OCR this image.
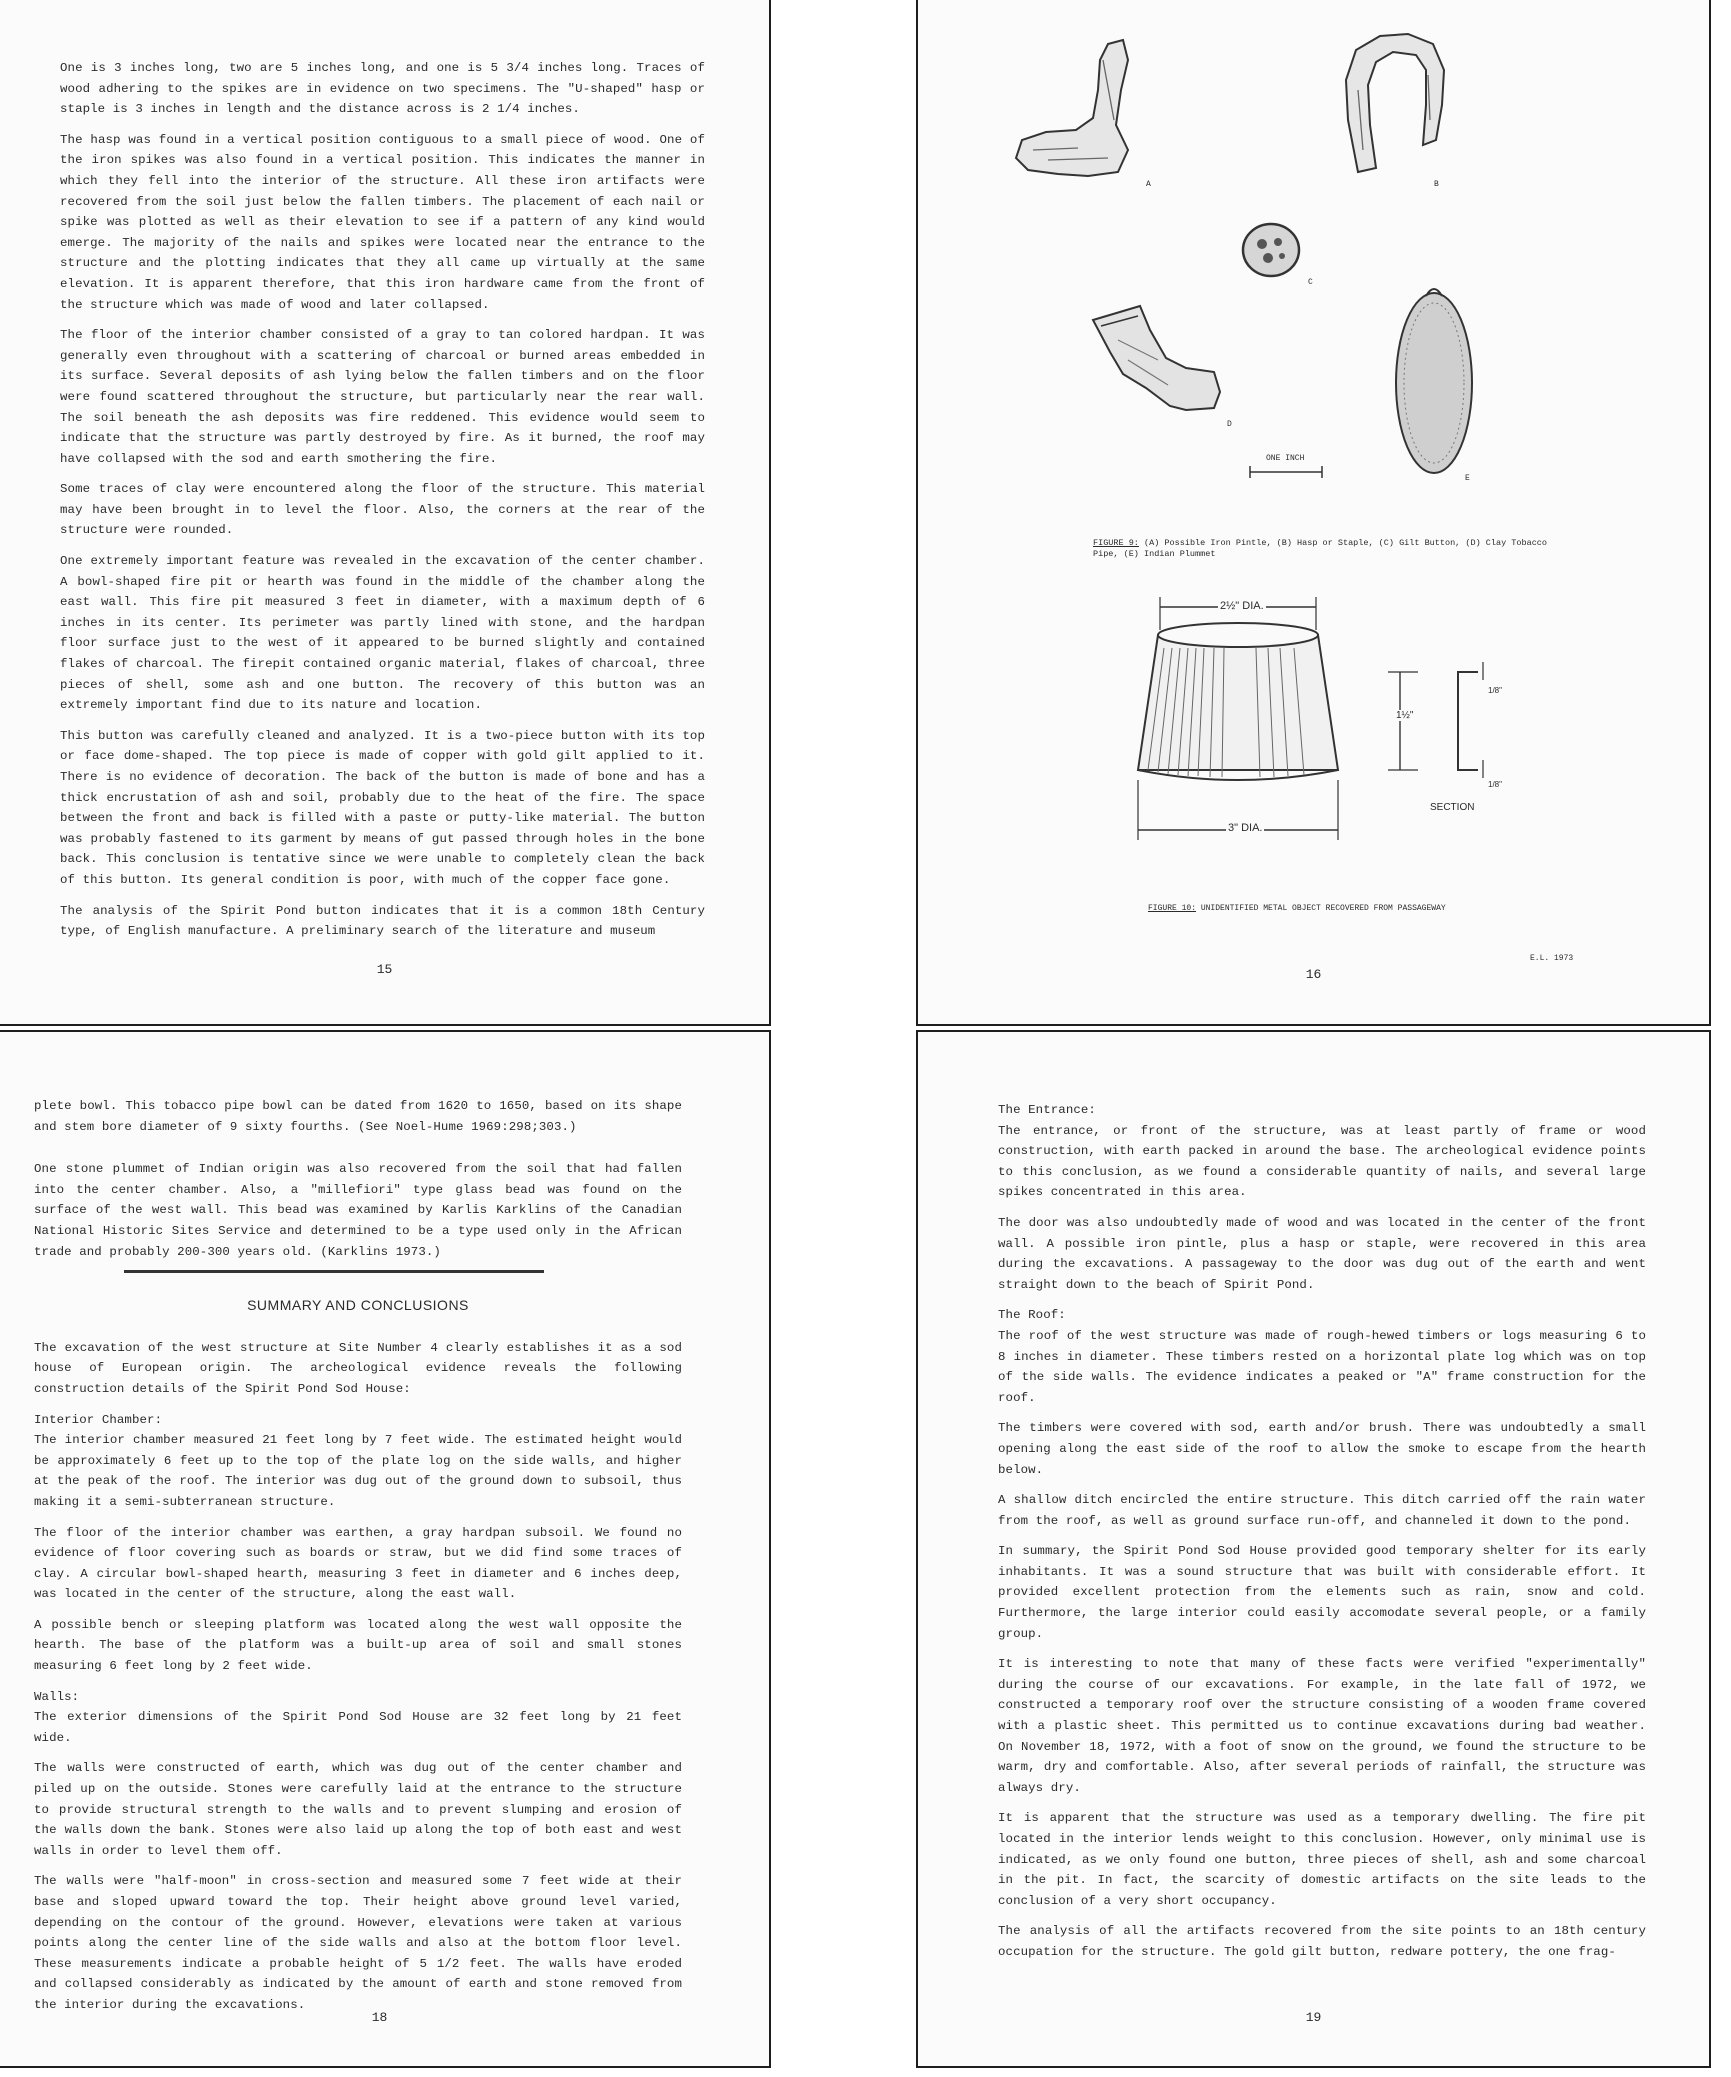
One is 3 inches long, two are 5 inches long, and one is 5 3/4 inches long. Traces of wood adhering to the spikes are in evidence on two specimens. The "U-shaped" hasp or staple is 3 inches in length and the distance across is 2 1/4 inches.

The hasp was found in a vertical position contiguous to a small piece of wood. One of the iron spikes was also found in a vertical position. This indicates the manner in which they fell into the interior of the structure. All these iron artifacts were recovered from the soil just below the fallen timbers. The placement of each nail or spike was plotted as well as their elevation to see if a pattern of any kind would emerge. The majority of the nails and spikes were located near the entrance to the structure and the plotting indicates that they all came up virtually at the same elevation. It is apparent therefore, that this iron hardware came from the front of the structure which was made of wood and later collapsed.

The floor of the interior chamber consisted of a gray to tan colored hardpan. It was generally even throughout with a scattering of charcoal or burned areas embedded in its surface. Several deposits of ash lying below the fallen timbers and on the floor were found scattered throughout the structure, but particularly near the rear wall. The soil beneath the ash deposits was fire reddened. This evidence would seem to indicate that the structure was partly destroyed by fire. As it burned, the roof may have collapsed with the sod and earth smothering the fire.

Some traces of clay were encountered along the floor of the structure. This material may have been brought in to level the floor. Also, the corners at the rear of the structure were rounded.

One extremely important feature was revealed in the excavation of the center chamber. A bowl-shaped fire pit or hearth was found in the middle of the chamber along the east wall. This fire pit measured 3 feet in diameter, with a maximum depth of 6 inches in its center. Its perimeter was partly lined with stone, and the hardpan floor surface just to the west of it appeared to be burned slightly and contained flakes of charcoal. The firepit contained organic material, flakes of charcoal, three pieces of shell, some ash and one button. The recovery of this button was an extremely important find due to its nature and location.

This button was carefully cleaned and analyzed. It is a two-piece button with its top or face dome-shaped. The top piece is made of copper with gold gilt applied to it. There is no evidence of decoration. The back of the button is made of bone and has a thick encrustation of ash and soil, probably due to the heat of the fire. The space between the front and back is filled with a paste or putty-like material. The button was probably fastened to its garment by means of gut passed through holes in the bone back. This conclusion is tentative since we were unable to completely clean the back of this button. Its general condition is poor, with much of the copper face gone.

The analysis of the Spirit Pond button indicates that it is a common 18th Century type, of English manufacture. A preliminary search of the literature and museum

15
A	B
C
D
E
ONE INCH
FIGURE 9: (A) Possible Iron Pintle, (B) Hasp or Staple, (C) Gilt Button, (D) Clay Tobacco Pipe, (E) Indian Plummet
2½" DIA.
3" DIA.
1½"
1/8"
1/8"
SECTION
FIGURE 10: UNIDENTIFIED METAL OBJECT RECOVERED FROM PASSAGEWAY
E.L. 1973
16

plete bowl. This tobacco pipe bowl can be dated from 1620 to 1650, based on its shape and stem bore diameter of 9 sixty fourths. (See Noel-Hume 1969:298;303.)

One stone plummet of Indian origin was also recovered from the soil that had fallen into the center chamber. Also, a "millefiori" type glass bead was found on the surface of the west wall. This bead was examined by Karlis Karklins of the Canadian National Historic Sites Service and determined to be a type used only in the African trade and probably 200-300 years old. (Karklins 1973.)

SUMMARY AND CONCLUSIONS

The excavation of the west structure at Site Number 4 clearly establishes it as a sod house of European origin. The archeological evidence reveals the following construction details of the Spirit Pond Sod House:

Interior Chamber:

The interior chamber measured 21 feet long by 7 feet wide. The estimated height would be approximately 6 feet up to the top of the plate log on the side walls, and higher at the peak of the roof. The interior was dug out of the ground down to subsoil, thus making it a semi-subterranean structure.

The floor of the interior chamber was earthen, a gray hardpan subsoil. We found no evidence of floor covering such as boards or straw, but we did find some traces of clay. A circular bowl-shaped hearth, measuring 3 feet in diameter and 6 inches deep, was located in the center of the structure, along the east wall.

A possible bench or sleeping platform was located along the west wall opposite the hearth. The base of the platform was a built-up area of soil and small stones measuring 6 feet long by 2 feet wide.

Walls:

The exterior dimensions of the Spirit Pond Sod House are 32 feet long by 21 feet wide.

The walls were constructed of earth, which was dug out of the center chamber and piled up on the outside. Stones were carefully laid at the entrance to the structure to provide structural strength to the walls and to prevent slumping and erosion of the walls down the bank. Stones were also laid up along the top of both east and west walls in order to level them off.

The walls were "half-moon" in cross-section and measured some 7 feet wide at their base and sloped upward toward the top. Their height above ground level varied, depending on the contour of the ground. However, elevations were taken at various points along the center line of the side walls and also at the bottom floor level. These measurements indicate a probable height of 5 1/2 feet. The walls have eroded and collapsed considerably as indicated by the amount of earth and stone removed from the interior during the excavations.

18

The Entrance:

The entrance, or front of the structure, was at least partly of frame or wood construction, with earth packed in around the base. The archeological evidence points to this conclusion, as we found a considerable quantity of nails, and several large spikes concentrated in this area.

The door was also undoubtedly made of wood and was located in the center of the front wall. A possible iron pintle, plus a hasp or staple, were recovered in this area during the excavations. A passageway to the door was dug out of the earth and went straight down to the beach of Spirit Pond.

The Roof:

The roof of the west structure was made of rough-hewed timbers or logs measuring 6 to 8 inches in diameter. These timbers rested on a horizontal plate log which was on top of the side walls. The evidence indicates a peaked or "A" frame construction for the roof.

The timbers were covered with sod, earth and/or brush. There was undoubtedly a small opening along the east side of the roof to allow the smoke to escape from the hearth below.

A shallow ditch encircled the entire structure. This ditch carried off the rain water from the roof, as well as ground surface run-off, and channeled it down to the pond.

In summary, the Spirit Pond Sod House provided good temporary shelter for its early inhabitants. It was a sound structure that was built with considerable effort. It provided excellent protection from the elements such as rain, snow and cold. Furthermore, the large interior could easily accomodate several people, or a family group.

It is interesting to note that many of these facts were verified "experimentally" during the course of our excavations. For example, in the late fall of 1972, we constructed a temporary roof over the structure consisting of a wooden frame covered with a plastic sheet. This permitted us to continue excavations during bad weather. On November 18, 1972, with a foot of snow on the ground, we found the structure to be warm, dry and comfortable. Also, after several periods of rainfall, the structure was always dry.

It is apparent that the structure was used as a temporary dwelling. The fire pit located in the interior lends weight to this conclusion. However, only minimal use is indicated, as we only found one button, three pieces of shell, ash and some charcoal in the pit. In fact, the scarcity of domestic artifacts on the site leads to the conclusion of a very short occupancy.

The analysis of all the artifacts recovered from the site points to an 18th century occupation for the structure. The gold gilt button, redware pottery, the one frag-

19
